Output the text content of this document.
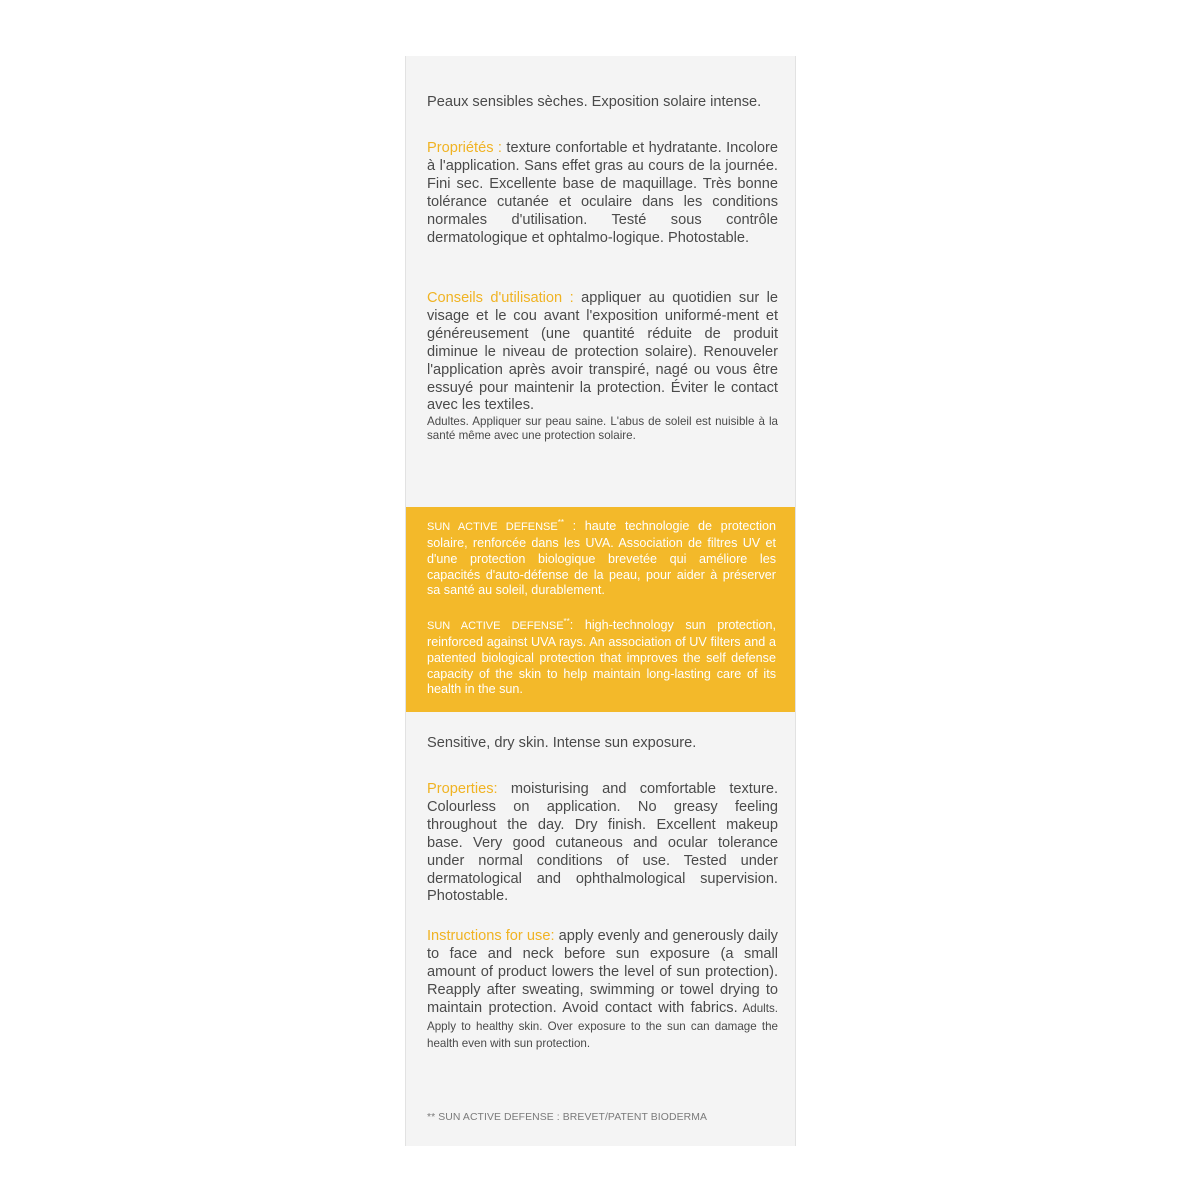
Peaux sensibles sèches. Exposition solaire intense.
Propriétés : texture confortable et hydratante. Incolore à l'application. Sans effet gras au cours de la journée. Fini sec. Excellente base de maquillage. Très bonne tolérance cutanée et oculaire dans les conditions normales d'utilisation. Testé sous contrôle dermatologique et ophtalmo-logique. Photostable.
Conseils d'utilisation : appliquer au quotidien sur le visage et le cou avant l'exposition uniformé-ment et généreusement (une quantité réduite de produit diminue le niveau de protection solaire). Renouveler l'application après avoir transpiré, nagé ou vous être essuyé pour maintenir la protection. Éviter le contact avec les textiles.
Adultes. Appliquer sur peau saine. L'abus de soleil est nuisible à la santé même avec une protection solaire.
SUN ACTIVE DEFENSE** : haute technologie de protection solaire, renforcée dans les UVA. Association de filtres UV et d'une protection biologique brevetée qui améliore les capacités d'auto-défense de la peau, pour aider à préserver sa santé au soleil, durablement.
SUN ACTIVE DEFENSE**: high-technology sun protection, reinforced against UVA rays. An association of UV filters and a patented biological protection that improves the self defense capacity of the skin to help maintain long-lasting care of its health in the sun.
Sensitive, dry skin. Intense sun exposure.
Properties: moisturising and comfortable texture. Colourless on application. No greasy feeling throughout the day. Dry finish. Excellent makeup base. Very good cutaneous and ocular tolerance under normal conditions of use. Tested under dermatological and ophthalmological supervision. Photostable.
Instructions for use: apply evenly and generously daily to face and neck before sun exposure (a small amount of product lowers the level of sun protection). Reapply after sweating, swimming or towel drying to maintain protection. Avoid contact with fabrics. Adults. Apply to healthy skin. Over exposure to the sun can damage the health even with sun protection.
** SUN ACTIVE DEFENSE : BREVET/PATENT BIODERMA
